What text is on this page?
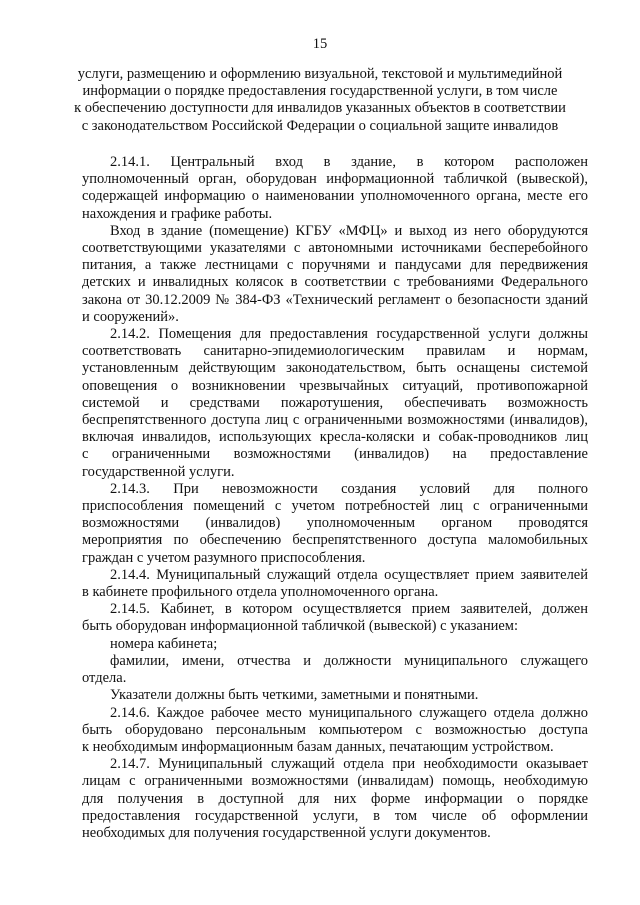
15
услуги, размещению и оформлению визуальной, текстовой и мультимедийной
информации о порядке предоставления государственной услуги, в том числе
к обеспечению доступности для инвалидов указанных объектов в соответствии
с законодательством Российской Федерации о социальной защите инвалидов
2.14.1. Центральный вход в здание, в котором расположен
уполномоченный орган, оборудован информационной табличкой (вывеской),
содержащей информацию о наименовании уполномоченного органа, месте его
нахождения и графике работы.
Вход в здание (помещение) КГБУ «МФЦ» и выход из него оборудуются
соответствующими указателями с автономными источниками бесперебойного
питания, а также лестницами с поручнями и пандусами для передвижения
детских и инвалидных колясок в соответствии с требованиями Федерального
закона от 30.12.2009 № 384-ФЗ «Технический регламент о безопасности зданий
и сооружений».
2.14.2. Помещения для предоставления государственной услуги должны
соответствовать санитарно-эпидемиологическим правилам и нормам,
установленным действующим законодательством, быть оснащены системой
оповещения о возникновении чрезвычайных ситуаций, противопожарной
системой и средствами пожаротушения, обеспечивать возможность
беспрепятственного доступа лиц с ограниченными возможностями (инвалидов),
включая инвалидов, использующих кресла-коляски и собак-проводников лиц
с ограниченными возможностями (инвалидов) на предоставление
государственной услуги.
2.14.3. При невозможности создания условий для полного
приспособления помещений с учетом потребностей лиц с ограниченными
возможностями (инвалидов) уполномоченным органом проводятся
мероприятия по обеспечению беспрепятственного доступа маломобильных
граждан с учетом разумного приспособления.
2.14.4. Муниципальный служащий отдела осуществляет прием заявителей
в кабинете профильного отдела уполномоченного органа.
2.14.5. Кабинет, в котором осуществляется прием заявителей, должен
быть оборудован информационной табличкой (вывеской) с указанием:
номера кабинета;
фамилии, имени, отчества и должности муниципального служащего
отдела.
Указатели должны быть четкими, заметными и понятными.
2.14.6. Каждое рабочее место муниципального служащего отдела должно
быть оборудовано персональным компьютером с возможностью доступа
к необходимым информационным базам данных, печатающим устройством.
2.14.7. Муниципальный служащий отдела при необходимости оказывает
лицам с ограниченными возможностями (инвалидам) помощь, необходимую
для получения в доступной для них форме информации о порядке
предоставления государственной услуги, в том числе об оформлении
необходимых для получения государственной услуги документов.
